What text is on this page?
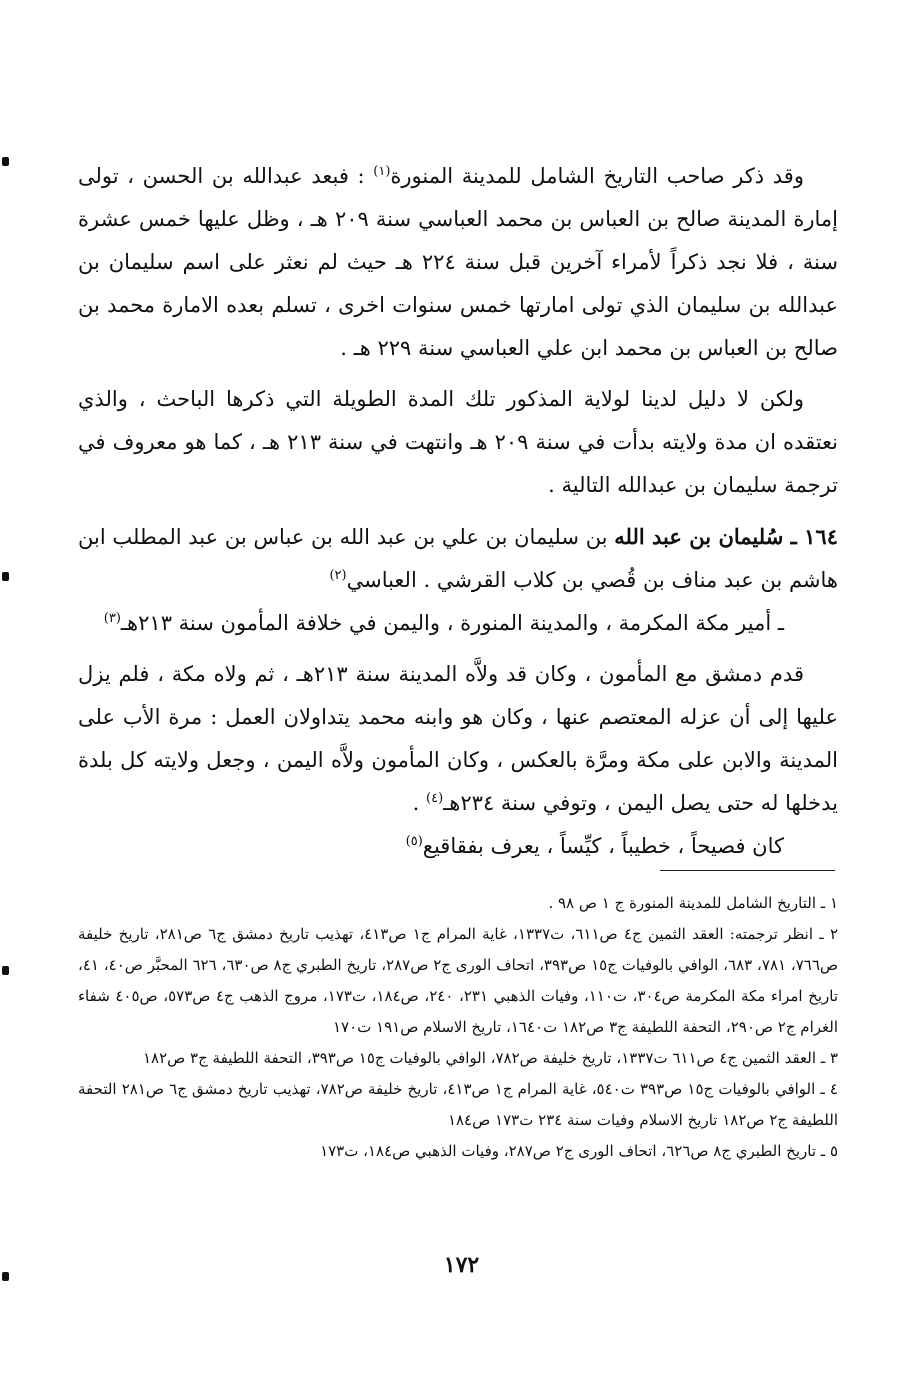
وقد ذكر صاحب التاريخ الشامل للمدينة المنورة$^{(١)}$ : فبعد عبدالله بن الحسن ، تولى إمارة المدينة صالح بن العباس بن محمد العباسي سنة ٢٠٩ هـ ، وظل عليها خمس عشرة سنة ، فلا نجد ذكراً لأمراء آخرين قبل سنة ٢٢٤ هـ حيث لم نعثر على اسم سليمان بن عبدالله بن سليمان الذي تولى امارتها خمس سنوات اخرى ، تسلم بعده الامارة محمد بن صالح بن العباس بن محمد ابن علي العباسي سنة ٢٢٩ هـ .

ولكن لا دليل لدينا لولاية المذكور تلك المدة الطويلة التي ذكرها الباحث ، والذي نعتقده ان مدة ولايته بدأت في سنة ٢٠٩ هـ وانتهت في سنة ٢١٣ هـ ، كما هو معروف في ترجمة سليمان بن عبدالله التالية .

١٦٤ ـ سُليمان بن عبد الله بن سليمان بن علي بن عبد الله بن عباس بن عبد المطلب ابن هاشم بن عبد مناف بن قُصي بن كلاب القرشي . العباسي$^{(٢)}$

ـ أمير مكة المكرمة ، والمدينة المنورة ، واليمن في خلافة المأمون سنة ٢١٣هـ$^{(٣)}$

قدم دمشق مع المأمون ، وكان قد ولاَّه المدينة سنة ٢١٣هـ ، ثم ولاه مكة ، فلم يزل عليها إلى أن عزله المعتصم عنها ، وكان هو وابنه محمد يتداولان العمل : مرة الأب على المدينة والابن على مكة ومرَّة بالعكس ، وكان المأمون ولاَّه اليمن ، وجعل ولايته كل بلدة يدخلها له حتى يصل اليمن ، وتوفي سنة ٢٣٤هـ$^{(٤)}$ .

كان فصيحاً ، خطيباً ، كيِّساً ، يعرف بفقاقيع$^{(٥)}$

١ ـ التاريخ الشامل للمدينة المنورة ج ١ ص ٩٨ .

٢ ـ انظر ترجمته: العقد الثمين ج٤ ص٦١١، ت١٣٣٧، غاية المرام ج١ ص٤١٣، تهذيب تاريخ دمشق ج٦ ص٢٨١، تاريخ خليفة ص٧٦٦، ٧٨١، ٦٨٣، الوافي بالوفيات ج١٥ ص٣٩٣، اتحاف الورى ج٢ ص٢٨٧، تاريخ الطبري ج٨ ص٦٣٠، ٦٢٦ المحبَّر ص٤٠، ٤١، تاريخ امراء مكة المكرمة ص٣٠٤، ت١١٠، وفيات الذهبي ٢٣١، ٢٤٠، ص١٨٤، ت١٧٣، مروج الذهب ج٤ ص٥٧٣، ص٤٠٥ شفاء الغرام ج٢ ص٢٩٠، التحفة اللطيفة ج٣ ص١٨٢ ت١٦٤٠، تاريخ الاسلام ص١٩١ ت١٧٠

٣ ـ العقد الثمين ج٤ ص٦١١ ت١٣٣٧، تاريخ خليفة ص٧٨٢، الوافي بالوفيات ج١٥ ص٣٩٣، التحفة اللطيفة ج٣ ص١٨٢

٤ ـ الوافي بالوفيات ج١٥ ص٣٩٣ ت٥٤٠، غاية المرام ج١ ص٤١٣، تاريخ خليفة ص٧٨٢، تهذيب تاريخ دمشق ج٦ ص٢٨١ التحفة اللطيفة ج٢ ص١٨٢ تاريخ الاسلام وفيات سنة ٢٣٤ ت١٧٣ ص١٨٤

٥ ـ تاريخ الطبري ج٨ ص٦٢٦، اتحاف الورى ج٢ ص٢٨٧، وفيات الذهبي ص١٨٤، ت١٧٣

١٧٢
